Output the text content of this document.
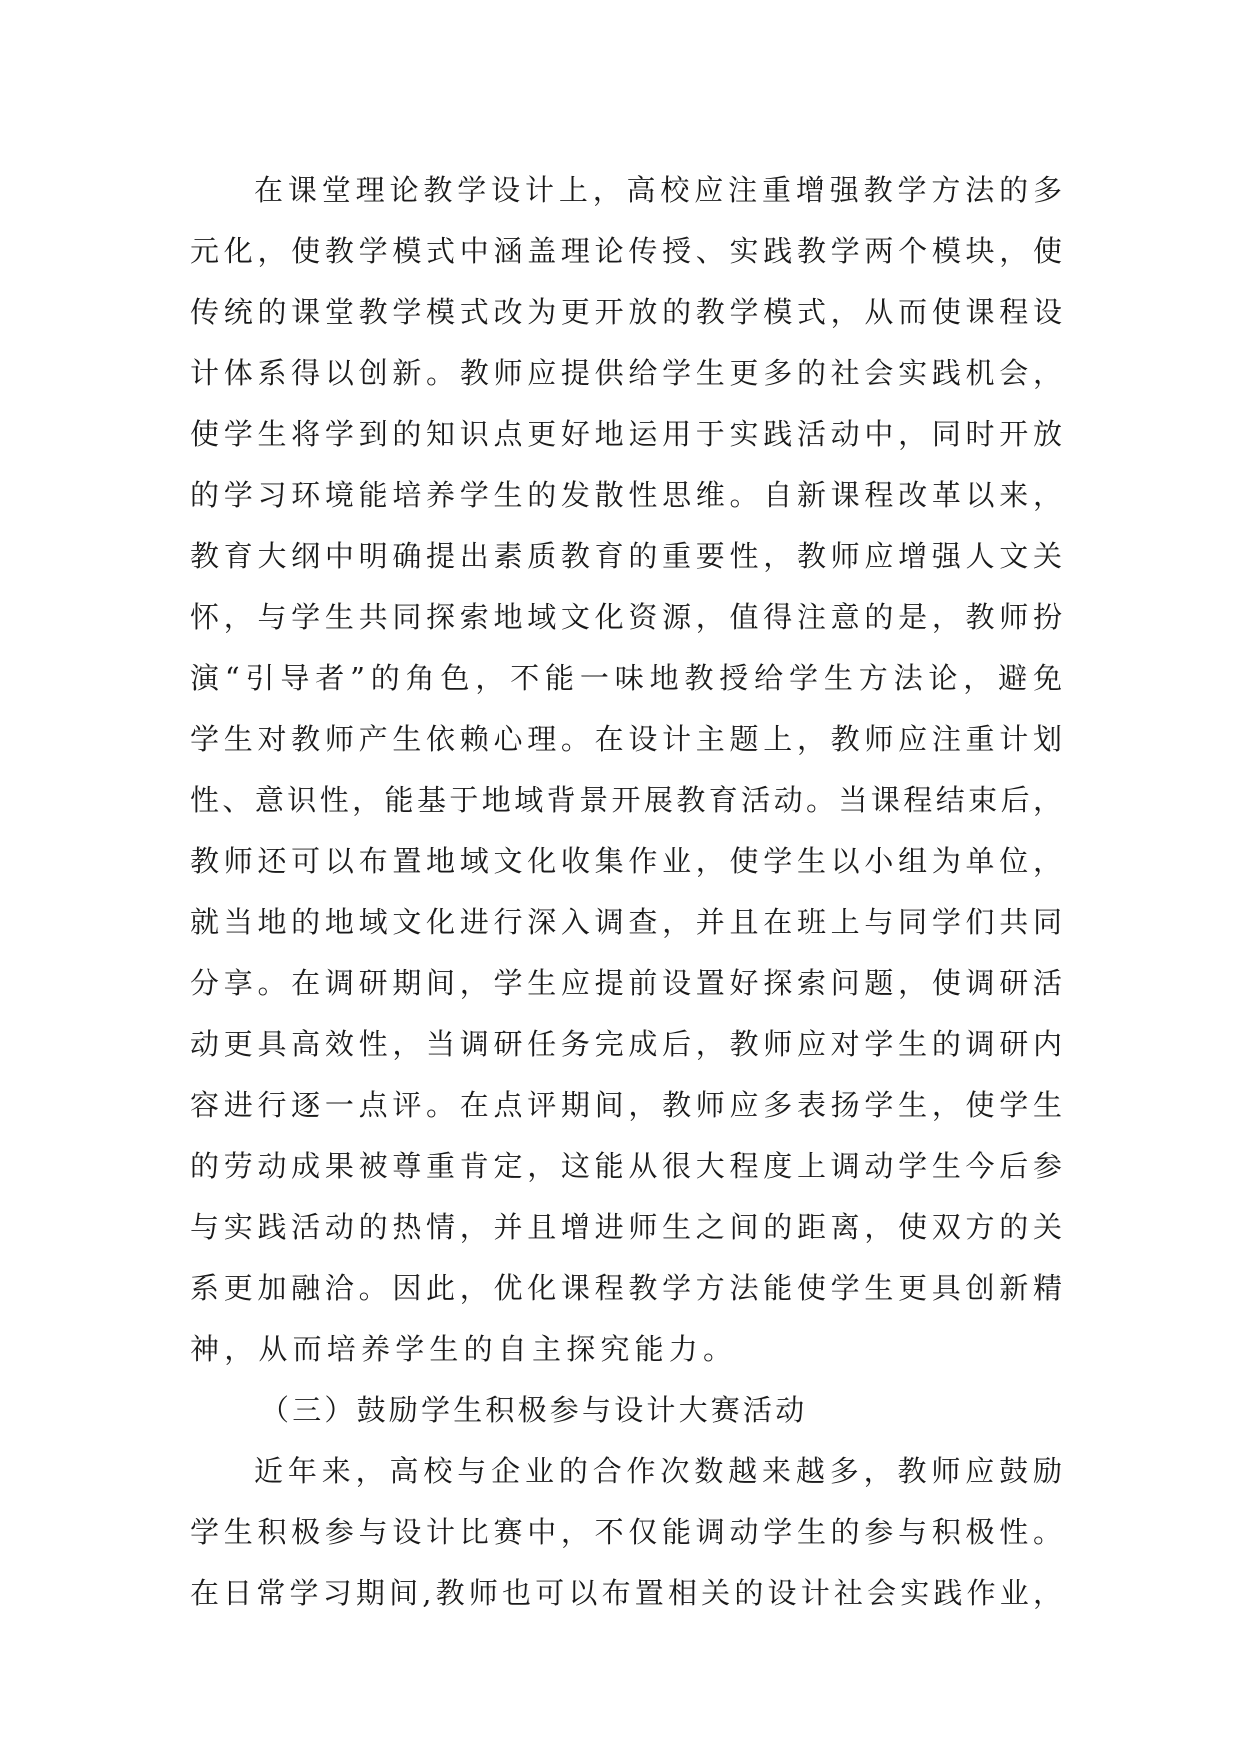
在课堂理论教学设计上，高校应注重增强教学方法的多
元化，使教学模式中涵盖理论传授、实践教学两个模块，使
传统的课堂教学模式改为更开放的教学模式，从而使课程设
计体系得以创新。教师应提供给学生更多的社会实践机会，
使学生将学到的知识点更好地运用于实践活动中，同时开放
的学习环境能培养学生的发散性思维。自新课程改革以来，
教育大纲中明确提出素质教育的重要性，教师应增强人文关
怀，与学生共同探索地域文化资源，值得注意的是，教师扮
演“引导者”的角色，不能一味地教授给学生方法论，避免
学生对教师产生依赖心理。在设计主题上，教师应注重计划
性、意识性，能基于地域背景开展教育活动。当课程结束后，
教师还可以布置地域文化收集作业，使学生以小组为单位，
就当地的地域文化进行深入调查，并且在班上与同学们共同
分享。在调研期间，学生应提前设置好探索问题，使调研活
动更具高效性，当调研任务完成后，教师应对学生的调研内
容进行逐一点评。在点评期间，教师应多表扬学生，使学生
的劳动成果被尊重肯定，这能从很大程度上调动学生今后参
与实践活动的热情，并且增进师生之间的距离，使双方的关
系更加融洽。因此，优化课程教学方法能使学生更具创新精
神，从而培养学生的自主探究能力。
（三）鼓励学生积极参与设计大赛活动
近年来，高校与企业的合作次数越来越多，教师应鼓励
学生积极参与设计比赛中，不仅能调动学生的参与积极性。
在日常学习期间,教师也可以布置相关的设计社会实践作业，
